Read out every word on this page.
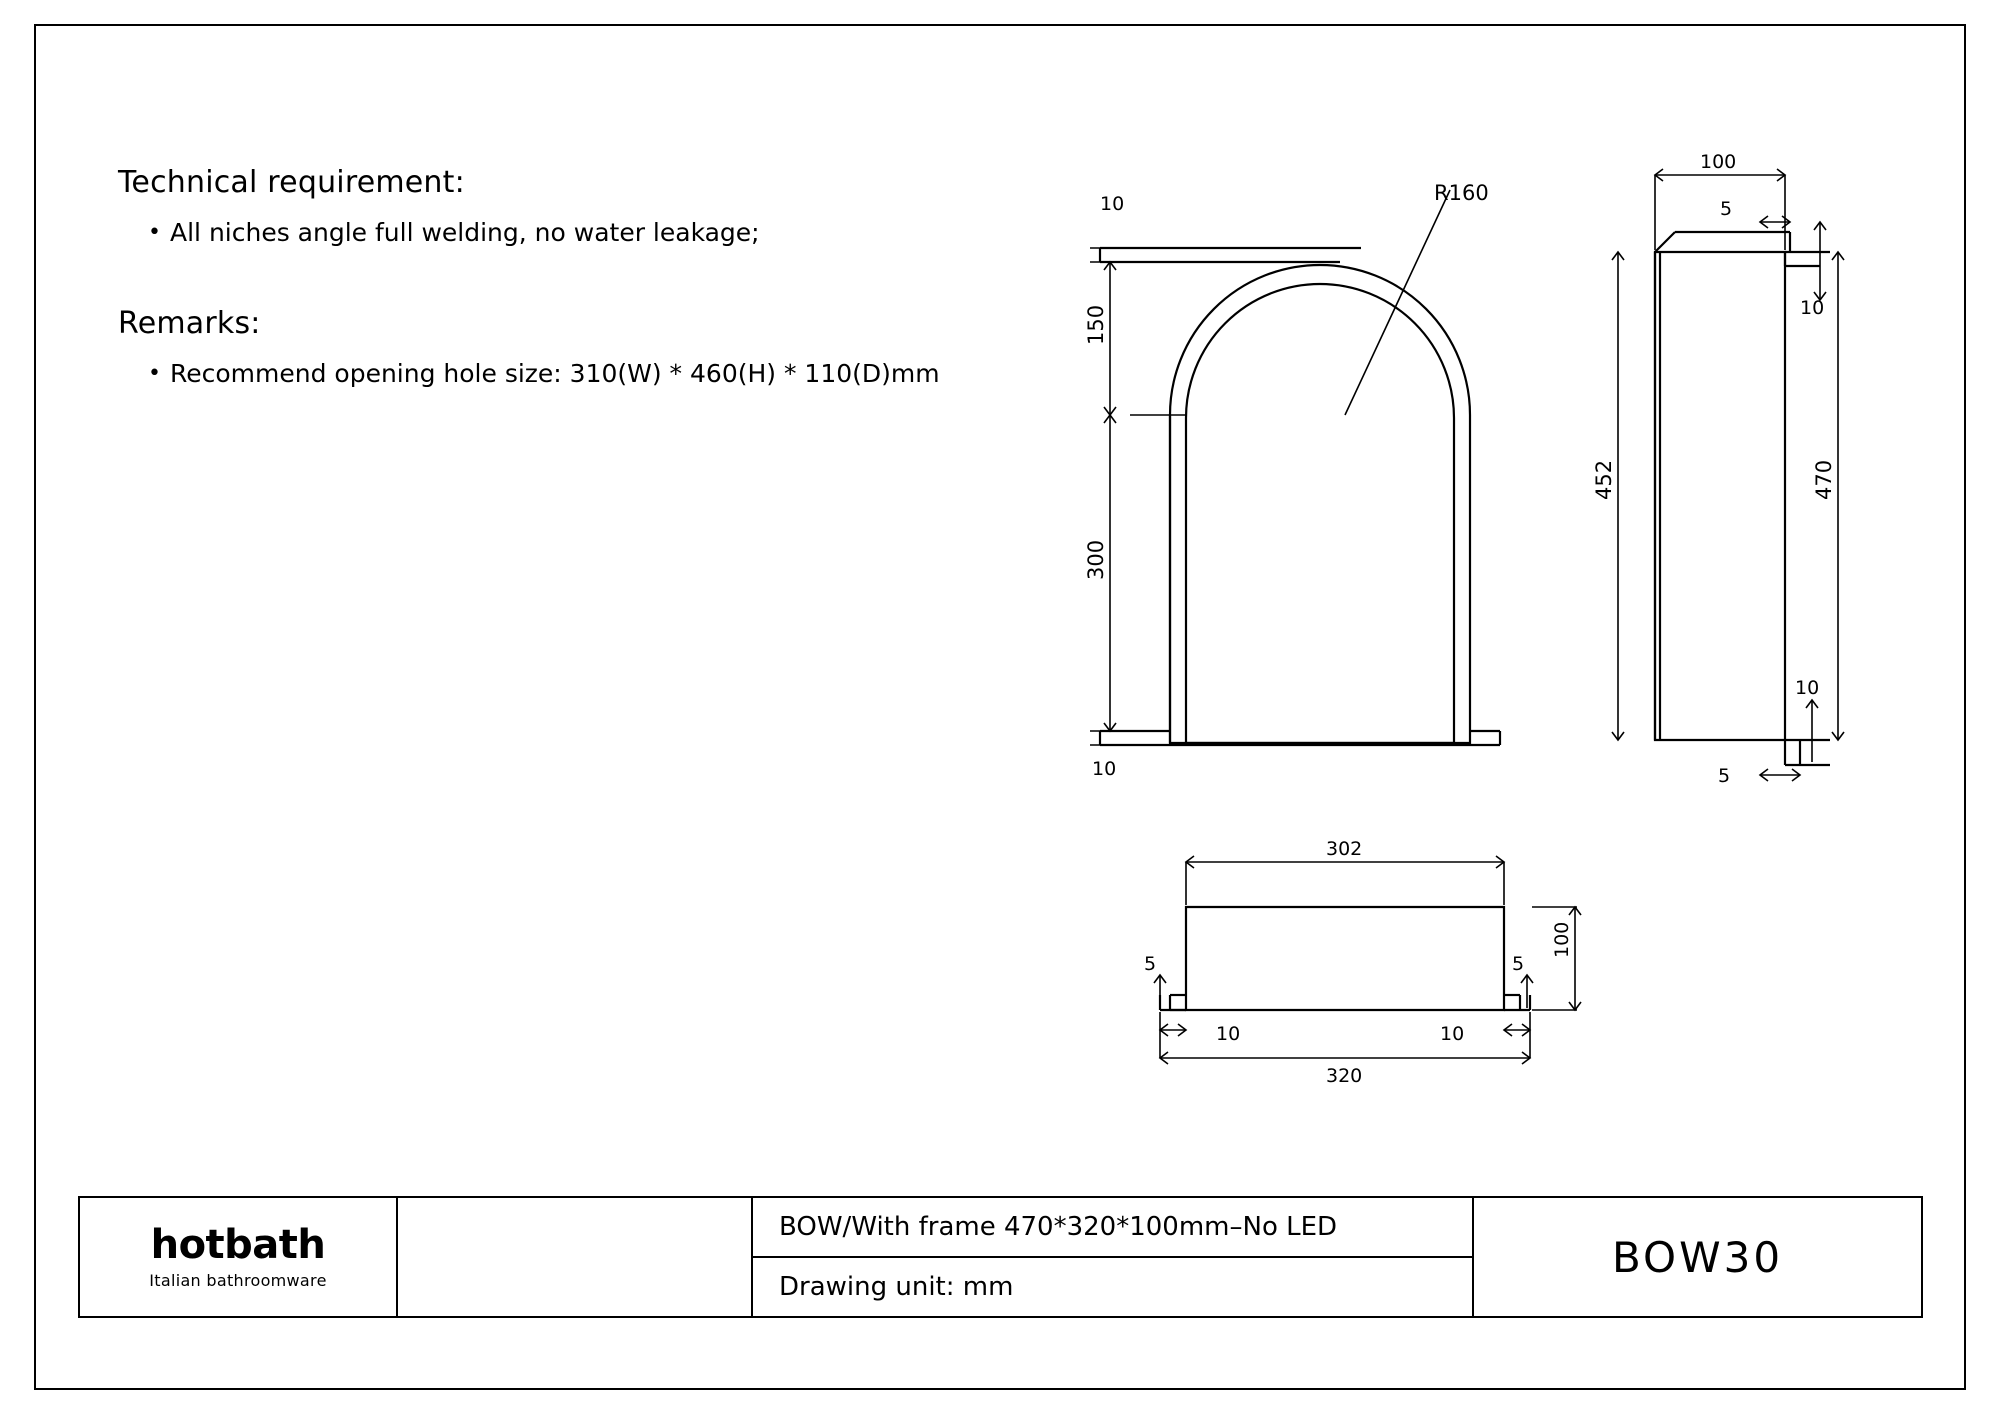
Technical requirement:

• All niches angle full welding, no water leakage;

Remarks:

• Recommend opening hole size: 310(W) * 460(H) * 110(D)mm
R160
10
150
300
10
100
5
10
452	470
10
5
302
320
5	5
10	10
100
hotbath
Italian bathroomware
BOW/With frame 470*320*100mm–No LED
Drawing unit: mm
BOW30
